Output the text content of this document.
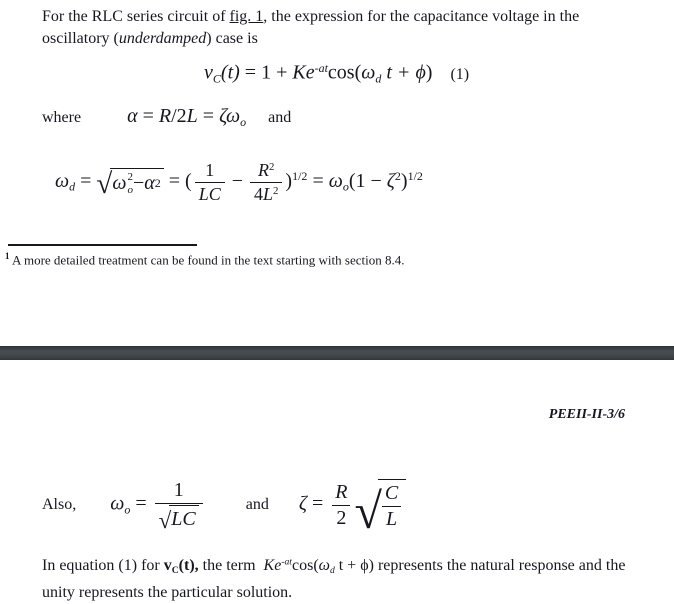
For the RLC series circuit of fig. 1, the expression for the capacitance voltage in the
oscillatory (underdamped) case is
$vC(t) = 1 + Ke^{-at}\cos(\omega d$ t + ϕ) (1)
where α = R/2L = ζωo and
ωd = √ ω 2
o − α 2 = ( $\frac{1}{LC} - \frac{R^2}{4L^2} )^{1/2} = \omega o(1 - \zeta^2)^{1/2}$
$^1$ A more detailed treatment can be found in the text starting with section 8.4.
PEEII-II-3/6
Also, $\omega o = \frac{1}{√ LC}$	and $\zeta = \frac{R}{2}$ √ $\frac{C}{L}$
In equation (1) for vC(t), the term  $Ke^{-at}\cos(\omega d$ t + ϕ) represents the natural response and the
unity represents the particular solution.
